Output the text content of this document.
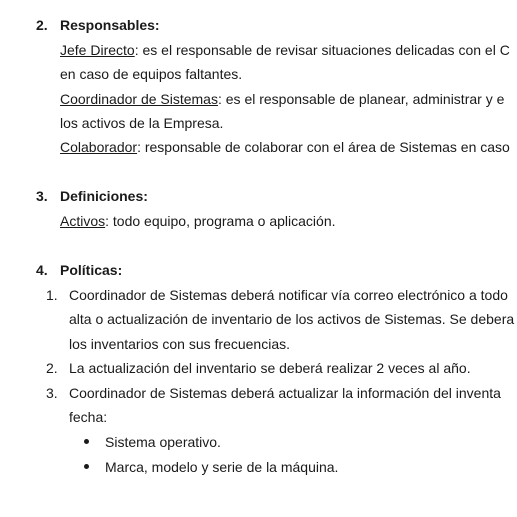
2. Responsables:
Jefe Directo: es el responsable de revisar situaciones delicadas con el C
en caso de equipos faltantes.
Coordinador de Sistemas: es el responsable de planear, administrar y e
los activos de la Empresa.
Colaborador: responsable de colaborar con el área de Sistemas en caso
3. Definiciones:
Activos: todo equipo, programa o aplicación.
4. Políticas:
1. Coordinador de Sistemas deberá notificar vía correo electrónico a todo
alta o actualización de inventario de los activos de Sistemas. Se debera
los inventarios con sus frecuencias.
2. La actualización del inventario se deberá realizar 2 veces al año.
3. Coordinador de Sistemas deberá actualizar la información del inventa
fecha:
Sistema operativo.
Marca, modelo y serie de la máquina.
